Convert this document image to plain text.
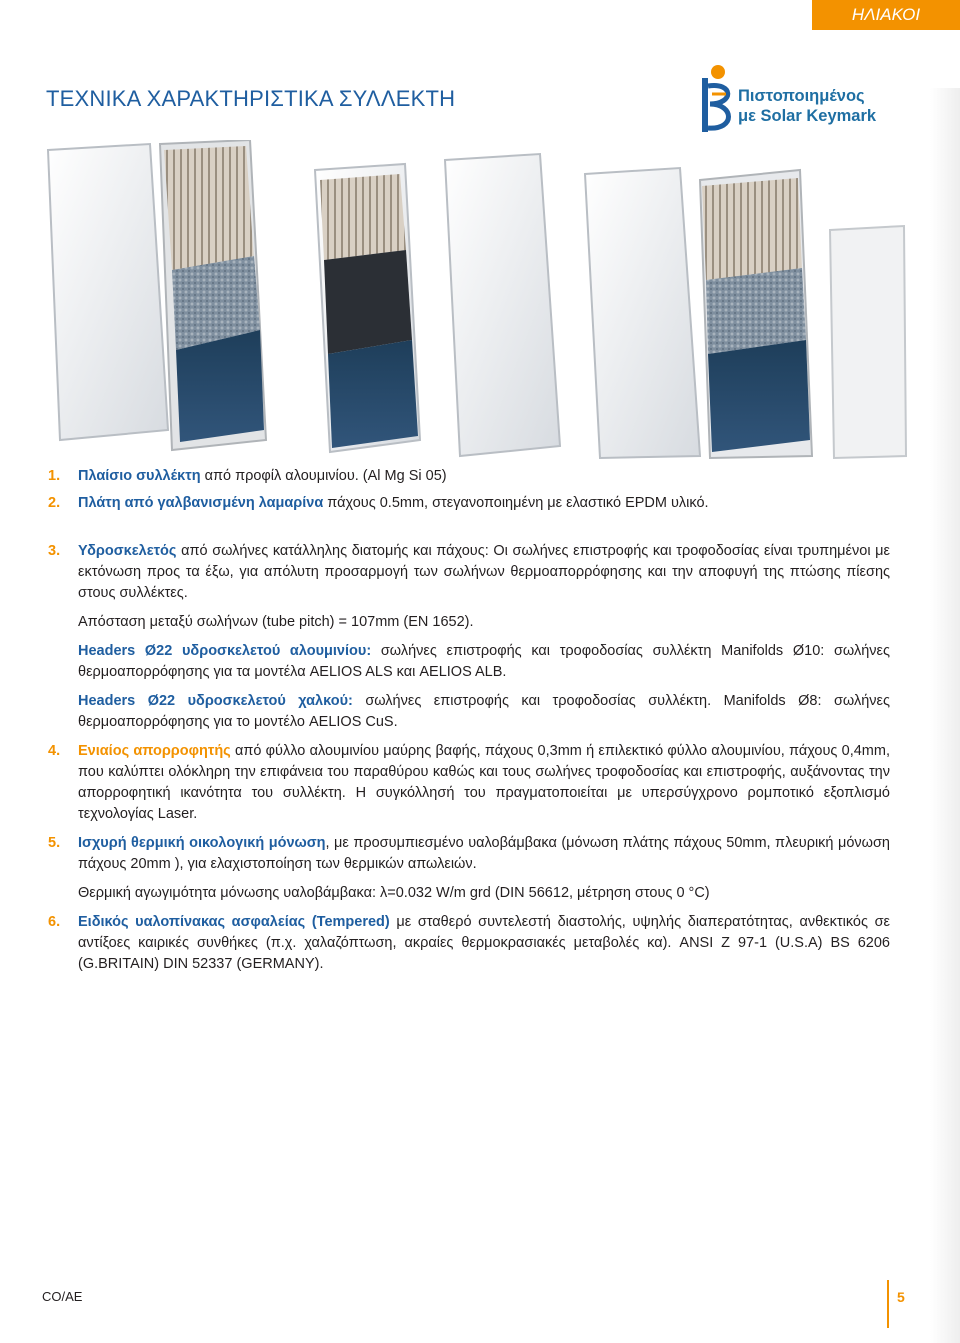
ΗΛΙΑΚΟΙ ΣΥΛΛΕΚΤΕΣ
ΤΕΧΝΙΚΑ ΧΑΡΑΚΤΗΡΙΣΤΙΚΑ ΣΥΛΛΕΚΤΗ	Πιστοποιημένος
με Solar Keymark
1. Πλαίσιο συλλέκτη από προφίλ αλουμινίου. (Al Mg Si 05)

2. Πλάτη από γαλβανισμένη λαμαρίνα πάχους 0.5mm, στεγανοποιημένη με ελαστικό EPDM υλικό.

3. Υδροσκελετός από σωλήνες κατάλληλης διατομής και πάχους: Οι σωλήνες επιστροφής και τροφοδοσίας είναι τρυπημένοι με εκτόνωση προς τα έξω, για απόλυτη προσαρμογή των σωλήνων θερμοαπορρόφησης και την αποφυγή της πτώσης πίεσης στους συλλέκτες.

Απόσταση μεταξύ σωλήνων (tube pitch) = 107mm (EN 1652).

Headers Ø22 υδροσκελετού αλουμινίου: σωλήνες επιστροφής και τροφοδοσίας συλλέκτη Manifolds Ø10: σωλήνες θερμοαπορρόφησης για τα μοντέλα AELIOS ALS και AELIOS ALB.

Headers Ø22 υδροσκελετού χαλκού: σωλήνες επιστροφής και τροφοδοσίας συλλέκτη. Manifolds Ø8: σωλήνες θερμοαπορρόφησης για το μοντέλο AELIOS CuS.

4. Ενιαίος απορροφητής από φύλλο αλουμινίου μαύρης βαφής, πάχους 0,3mm ή επιλεκτικό φύλλο αλουμινίου, πάχους 0,4mm, που καλύπτει ολόκληρη την επιφάνεια του παραθύρου καθώς και τους σωλήνες τροφοδοσίας και επιστροφής, αυξάνοντας την απορροφητική ικανότητα του συλλέκτη. Η συγκόλλησή του πραγματοποιείται με υπερσύγχρονο ρομποτικό εξοπλισμό τεχνολογίας Laser.

5. Ισχυρή θερμική οικολογική μόνωση, με προσυμπιεσμένο υαλοβάμβακα (μόνωση πλάτης πάχους 50mm, πλευρική μόνωση πάχους 20mm ), για ελαχιστοποίηση των θερμικών απωλειών.

Θερμική αγωγιμότητα μόνωσης υαλοβάμβακα: λ=0.032 W/m grd (DIN 56612, μέτρηση στους 0 °C)

6. Ειδικός υαλοπίνακας ασφαλείας (Tempered) με σταθερό συντελεστή διαστολής, υψηλής διαπερατότητας, ανθεκτικός σε αντίξοες καιρικές συνθήκες (π.χ. χαλαζόπτωση, ακραίες θερμοκρασιακές μεταβολές κα). ANSI Z 97-1 (U.S.A) BS 6206 (G.BRITAIN) DIN 52337 (GERMANY).

CO/AE	5
